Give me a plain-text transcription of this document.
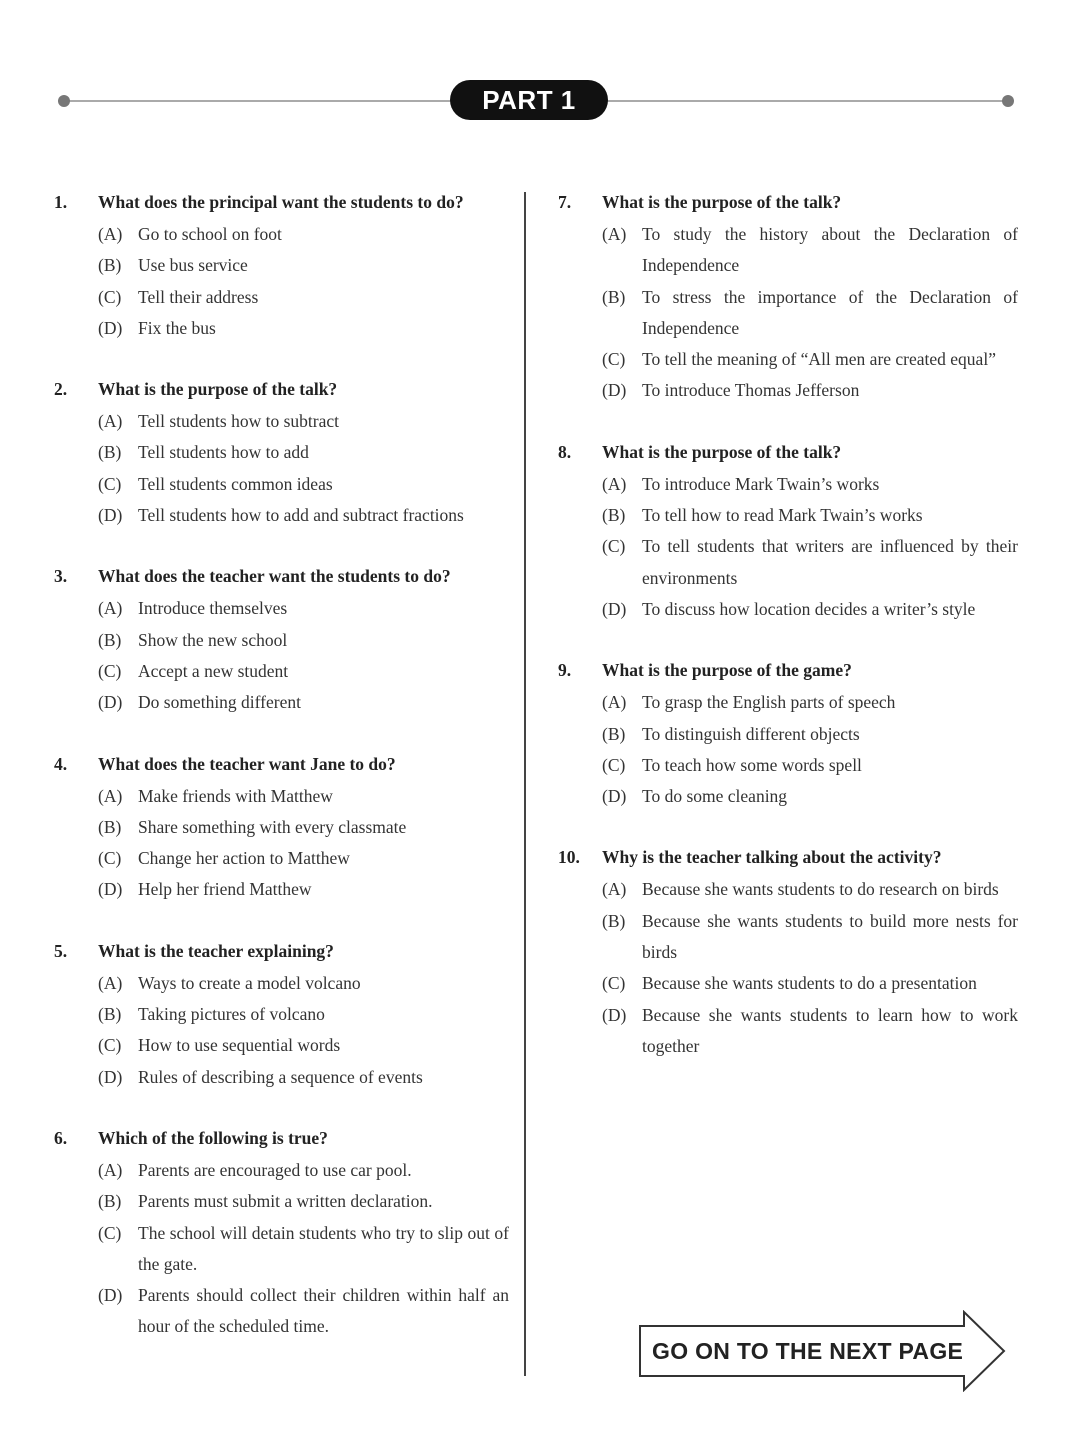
PART 1
1.	What does the principal want the students to do?
(A) Go to school on foot
(B) Use bus service
(C) Tell their address
(D) Fix the bus
2.	What is the purpose of the talk?
(A) Tell students how to subtract
(B) Tell students how to add
(C) Tell students common ideas
(D) Tell students how to add and subtract fractions
3.	What does the teacher want the students to do?
(A) Introduce themselves
(B) Show the new school
(C) Accept a new student
(D) Do something different
4.	What does the teacher want Jane to do?
(A) Make friends with Matthew
(B) Share something with every classmate
(C) Change her action to Matthew
(D) Help her friend Matthew
5.	What is the teacher explaining?
(A) Ways to create a model volcano
(B) Taking pictures of volcano
(C) How to use sequential words
(D) Rules of describing a sequence of events
6.	Which of the following is true?
(A) Parents are encouraged to use car pool.
(B) Parents must submit a written declaration.
(C) The school will detain students who try to slip out of the gate.
(D) Parents should collect their children within half an hour of the scheduled time.
7.	What is the purpose of the talk?
(A) To study the history about the Declaration of Independence
(B) To stress the importance of the Declaration of Independence
(C) To tell the meaning of “All men are created equal”
(D) To introduce Thomas Jefferson
8.	What is the purpose of the talk?
(A) To introduce Mark Twain’s works
(B) To tell how to read Mark Twain’s works
(C) To tell students that writers are influenced by their environments
(D) To discuss how location decides a writer’s style
9.	What is the purpose of the game?
(A) To grasp the English parts of speech
(B) To distinguish different objects
(C) To teach how some words spell
(D) To do some cleaning
10.	Why is the teacher talking about the activity?
(A) Because she wants students to do research on birds
(B) Because she wants students to build more nests for birds
(C) Because she wants students to do a presentation
(D) Because she wants students to learn how to work together
GO ON TO THE NEXT PAGE
